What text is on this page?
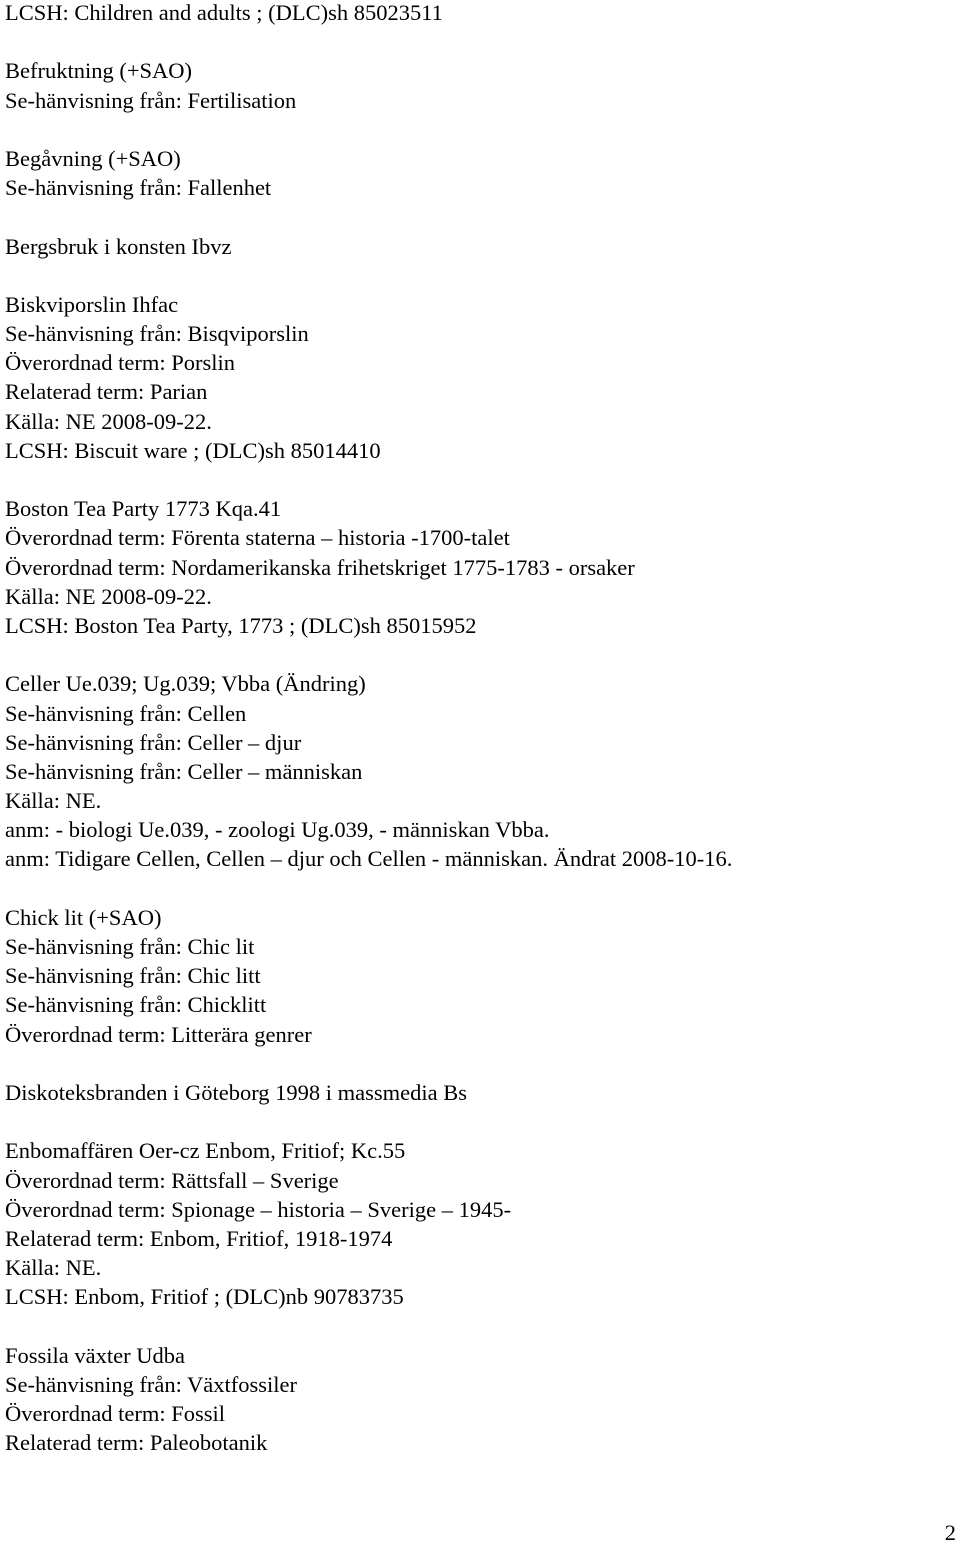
LCSH: Children and adults ; (DLC)sh 85023511
Befruktning (+SAO)
Se-hänvisning från: Fertilisation
Begåvning (+SAO)
Se-hänvisning från: Fallenhet
Bergsbruk i konsten Ibvz
Biskviporslin Ihfac
Se-hänvisning från: Bisqviporslin
Överordnad term: Porslin
Relaterad term: Parian
Källa: NE 2008-09-22.
LCSH: Biscuit ware ; (DLC)sh 85014410
Boston Tea Party 1773 Kqa.41
Överordnad term: Förenta staterna – historia -1700-talet
Överordnad term: Nordamerikanska frihetskriget 1775-1783 - orsaker
Källa: NE 2008-09-22.
LCSH: Boston Tea Party, 1773 ; (DLC)sh 85015952
Celler Ue.039; Ug.039; Vbba (Ändring)
Se-hänvisning från: Cellen
Se-hänvisning från: Celler – djur
Se-hänvisning från: Celler – människan
Källa: NE.
anm: - biologi Ue.039, - zoologi Ug.039, - människan Vbba.
anm: Tidigare Cellen, Cellen – djur och Cellen - människan. Ändrat 2008-10-16.
Chick lit (+SAO)
Se-hänvisning från: Chic lit
Se-hänvisning från: Chic litt
Se-hänvisning från: Chicklitt
Överordnad term: Litterära genrer
Diskoteksbranden i Göteborg 1998 i massmedia Bs
Enbomaffären Oer-cz Enbom, Fritiof; Kc.55
Överordnad term: Rättsfall – Sverige
Överordnad term: Spionage – historia – Sverige – 1945-
Relaterad term: Enbom, Fritiof, 1918-1974
Källa: NE.
LCSH: Enbom, Fritiof ; (DLC)nb 90783735
Fossila växter Udba
Se-hänvisning från: Växtfossiler
Överordnad term: Fossil
Relaterad term: Paleobotanik
2
